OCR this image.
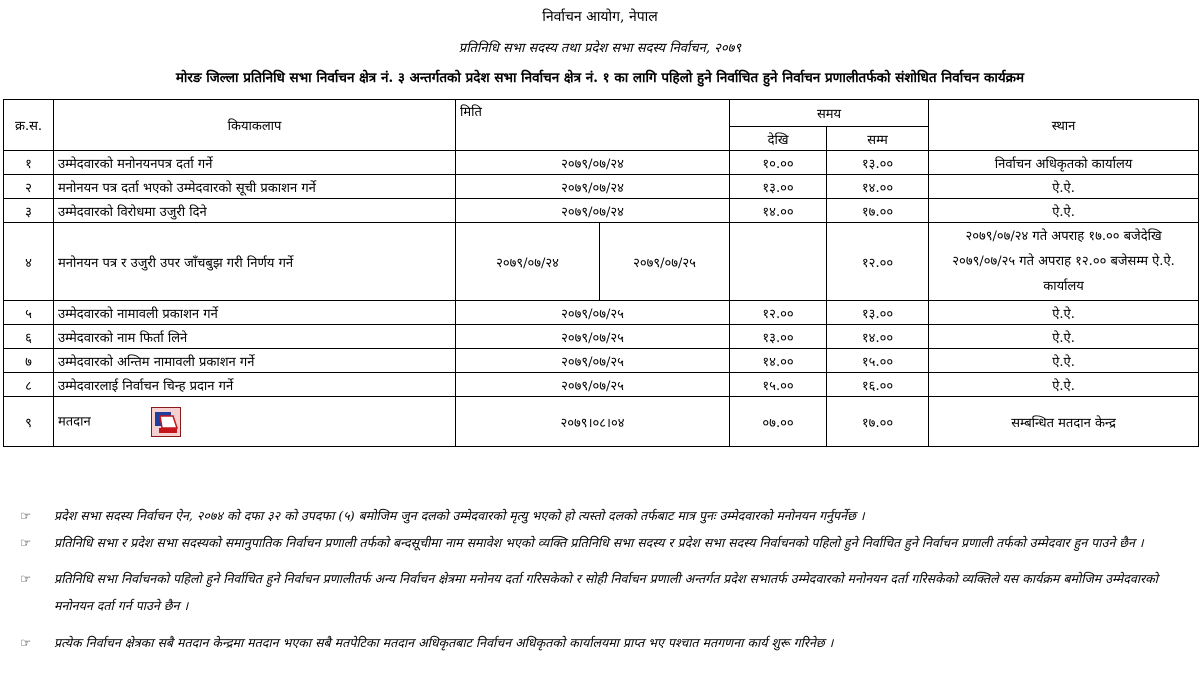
निर्वाचन आयोग, नेपाल
प्रतिनिधि सभा सदस्य तथा प्रदेश सभा सदस्य निर्वाचन, २०७९
मोरङ जिल्ला प्रतिनिधि सभा निर्वाचन क्षेत्र नं. ३ अन्तर्गतको प्रदेश सभा निर्वाचन क्षेत्र नं. १ का लागि पहिलो हुने निर्वाचित हुने निर्वाचन प्रणालीतर्फको संशोधित निर्वाचन कार्यक्रम
क्र.स.	कियाकलाप	मिति		समय		स्थान
				देखि	सम्म	
१	उम्मेदवारको मनोनयनपत्र दर्ता गर्ने	२०७९/०७/२४		१०.००	१३.००	निर्वाचन अधिकृतको कार्यालय
२	मनोनयन पत्र दर्ता भएको उम्मेदवारको सूची प्रकाशन गर्ने	२०७९/०७/२४		१३.००	१४.००	ऐ.ऐ.
३	उम्मेदवारको विरोधमा उजुरी दिने	२०७९/०७/२४		१४.००	१७.००	ऐ.ऐ.
४	मनोनयन पत्र र उजुरी उपर जाँचबुझ गरी निर्णय गर्ने	२०७९/०७/२४	२०७९/०७/२५		१२.००	२०७९/०७/२४ गते अपराह १७.०० बजेदेखि २०७९/०७/२५ गते अपराह १२.०० बजेसम्म ऐ.ऐ. कार्यालय
५	उम्मेदवारको नामावली प्रकाशन गर्ने	२०७९/०७/२५		१२.००	१३.००	ऐ.ऐ.
६	उम्मेदवारको नाम फिर्ता लिने	२०७९/०७/२५		१३.००	१४.००	ऐ.ऐ.
७	उम्मेदवारको अन्तिम नामावली प्रकाशन गर्ने	२०७९/०७/२५		१४.००	१५.००	ऐ.ऐ.
८	उम्मेदवारलाई निर्वाचन चिन्ह प्रदान गर्ने	२०७९/०७/२५		१५.००	१६.००	ऐ.ऐ.
९	मतदान	२०७९।०८।०४		०७.००	१७.००	सम्बन्धित मतदान केन्द्र
☞ प्रदेश सभा सदस्य निर्वाचन ऐन, २०७४ को दफा ३२ को उपदफा (५) बमोजिम जुन दलको उम्मेदवारको मृत्यु भएको हो त्यस्तो दलको तर्फबाट मात्र पुनः उम्मेदवारको मनोनयन गर्नुपर्नेछ ।
☞ प्रतिनिधि सभा र प्रदेश सभा सदस्यको समानुपातिक निर्वाचन प्रणाली तर्फको बन्दसूचीमा नाम समावेश भएको व्यक्ति प्रतिनिधि सभा सदस्य र प्रदेश सभा सदस्य निर्वाचनको पहिलो हुने निर्वाचित हुने निर्वाचन प्रणाली तर्फको उम्मेदवार हुन पाउने छैन ।
☞ प्रतिनिधि सभा निर्वाचनको पहिलो हुने निर्वाचित हुने निर्वाचन प्रणालीतर्फ अन्य निर्वाचन क्षेत्रमा मनोनय दर्ता गरिसकेको र सोही निर्वाचन प्रणाली अन्तर्गत प्रदेश सभातर्फ उम्मेदवारको मनोनयन दर्ता गरिसकेको व्यक्तिले यस कार्यक्रम बमोजिम उम्मेदवारको मनोनयन दर्ता गर्न पाउने छैन ।
☞ प्रत्येक निर्वाचन क्षेत्रका सबै मतदान केन्द्रमा मतदान भएका सबै मतपेटिका मतदान अधिकृतबाट निर्वाचन अधिकृतको कार्यालयमा प्राप्त भए पश्चात मतगणना कार्य शुरू गरिनेछ ।
